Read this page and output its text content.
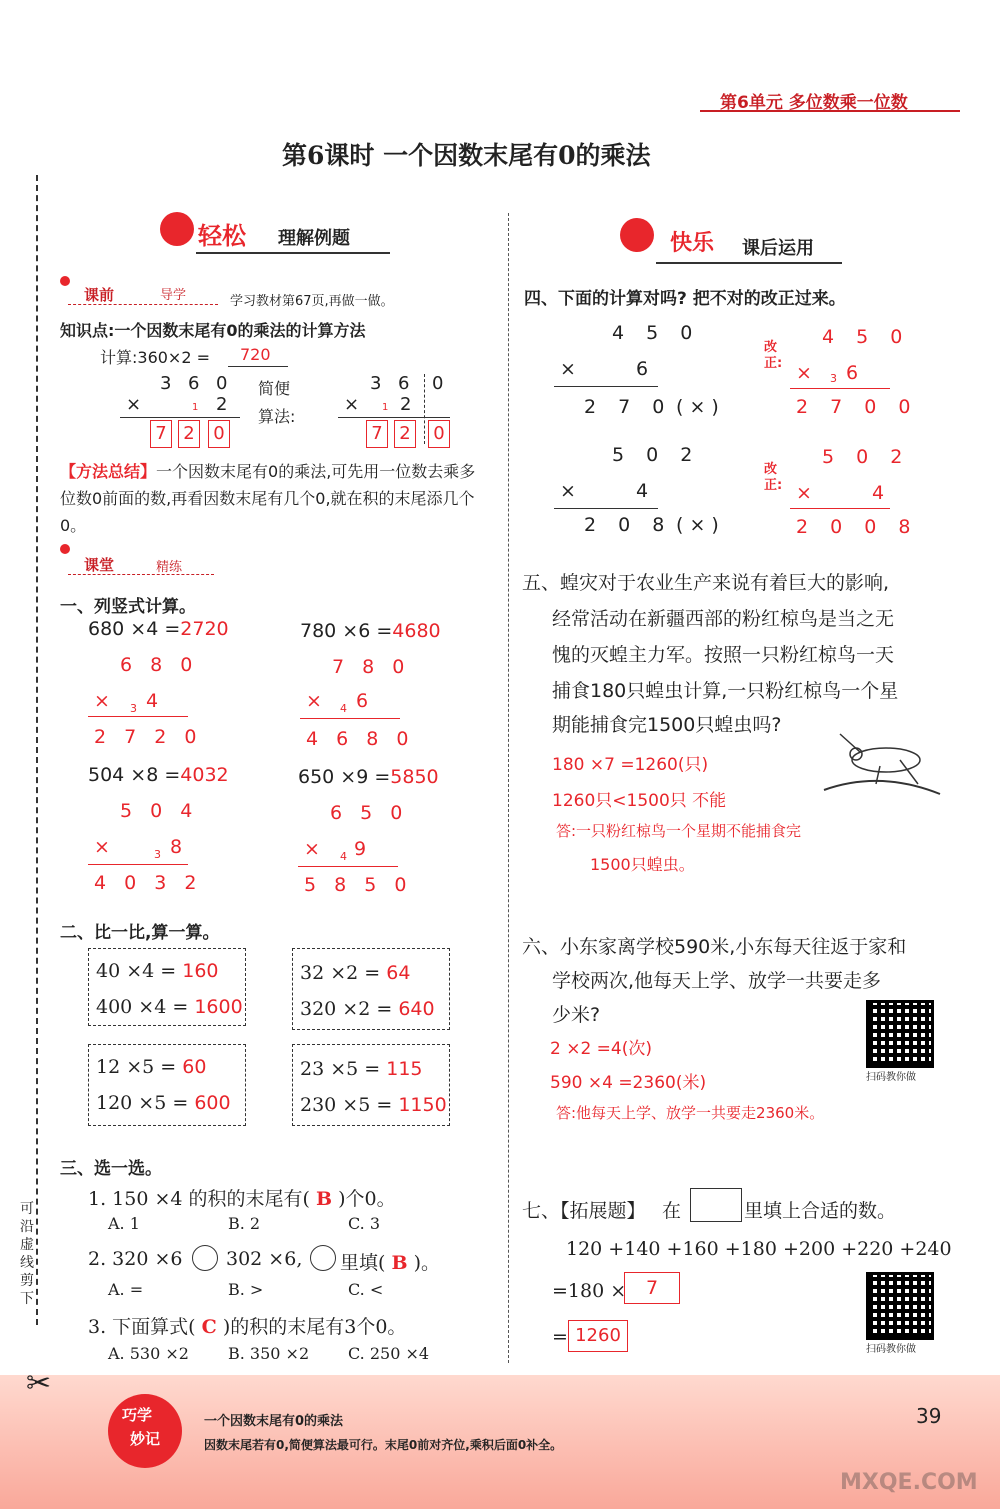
第6单元 多位数乘一位数
第6课时 一个因数末尾有0的乘法
可沿虚线剪下
轻松 理解例题
课前	导学	学习教材第67页,再做一做。
知识点:一个因数末尾有0的乘法的计算方法
计算:360×2 = 720
3 6 0
×	1 2
7 2 0
简便
算法:
3 6 0
× 1 2
7 2 0
【方法总结】一个因数末尾有0的乘法,可先用一位数去乘多位数0前面的数,再看因数末尾有几个0,就在积的末尾添几个0。
课堂	精练
一、列竖式计算。
680 ×4 =2720
6 8 0
× 3 4
2 7 2 0
780 ×6 =4680
7 8 0
× 4 6
4 6 8 0
504 ×8 =4032
5 0 4
×	3 8
4 0 3 2
650 ×9 =5850
6 5 0
× 4 9
5 8 5 0
二、比一比,算一算。
40 ×4 = 160
400 ×4 = 1600
32 ×2 = 64
320 ×2 = 640
12 ×5 = 60
120 ×5 = 600
23 ×5 = 115
230 ×5 = 1150
三、选一选。
1. 150 ×4 的积的末尾有( B )个0。
A. 1	B. 2	C. 3
2. 320 ×6 302 ×6, 里填( B )。
A. =	B. >	C. <
3. 下面算式( C )的积的末尾有3个0。
A. 530 ×2 B. 350 ×2 C. 250 ×4
快乐 课后运用
四、下面的计算对吗? 把不对的改正过来。
4 5 0
×	6
2 7 0 ( × )
改正:
4 5 0
× 3 6
2 7 0 0
5 0 2
×	4
2 0 8 ( × )
改正:
5 0 2
×	4
2 0 0 8
五、蝗灾对于农业生产来说有着巨大的影响,
经常活动在新疆西部的粉红椋鸟是当之无
愧的灭蝗主力军。按照一只粉红椋鸟一天
捕食180只蝗虫计算,一只粉红椋鸟一个星
期能捕食完1500只蝗虫吗?
180 ×7 =1260(只)
1260只<1500只 不能
答:一只粉红椋鸟一个星期不能捕食完
1500只蝗虫。
六、小东家离学校590米,小东每天往返于家和
学校两次,他每天上学、放学一共要走多
少米?
2 ×2 =4(次)
590 ×4 =2360(米)
答:他每天上学、放学一共要走2360米。
扫码教你做
七、【拓展题】 在	里填上合适的数。
120 +140 +160 +180 +200 +220 +240
=180 ×	7
= 1260
扫码教你做
✂
巧学
妙记
一个因数末尾有0的乘法
因数末尾若有0,简便算法最可行。末尾0前对齐位,乘积后面0补全。
39
MXQE.COM
